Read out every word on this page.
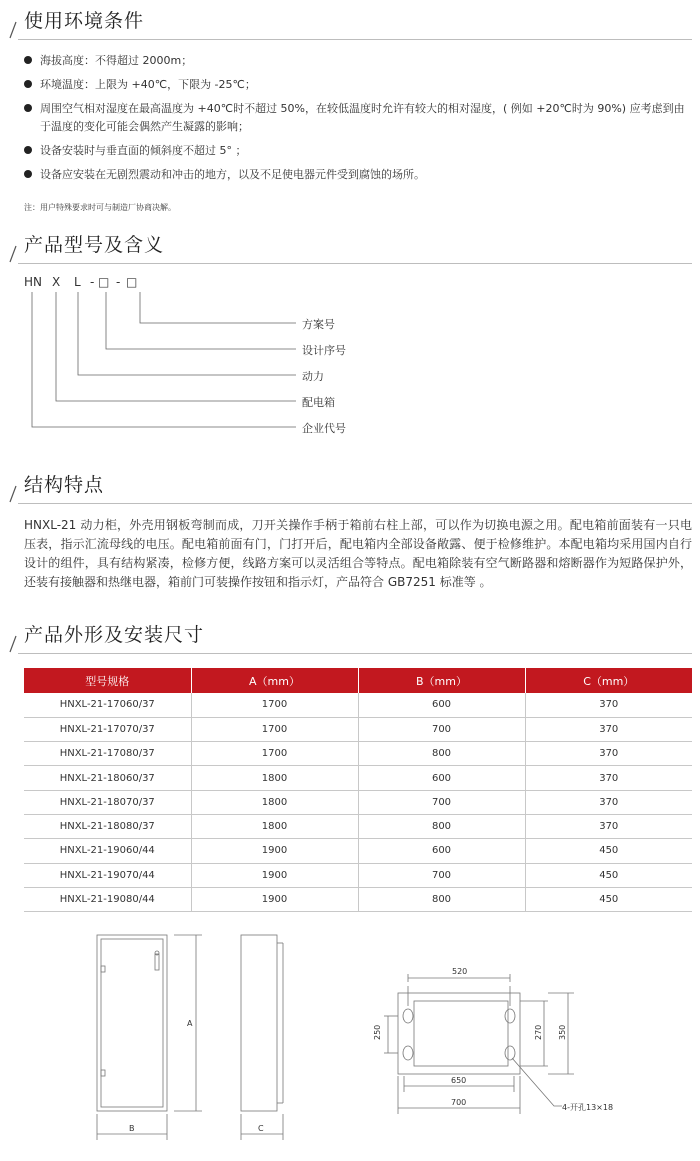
使用环境条件
海拔高度：不得超过 2000m；
环境温度：上限为 +40℃，下限为 -25℃；
周围空气相对湿度在最高温度为 +40℃时不超过 50%，在较低温度时允许有较大的相对湿度，( 例如 +20℃时为 90%) 应考虑到由于温度的变化可能会偶然产生凝露的影响；
设备安装时与垂直面的倾斜度不超过 5° ；
设备应安装在无剧烈震动和冲击的地方，以及不足使电器元件受到腐蚀的场所。
注：用户特殊要求时可与制造厂协商决解。
产品型号及含义
HN X L - □ - □
方案号
设计序号
动力
配电箱
企业代号
结构特点
HNXL-21 动力柜，外壳用钢板弯制而成，刀开关操作手柄于箱前右柱上部，可以作为切换电源之用。配电箱前面装有一只电压表，指示汇流母线的电压。配电箱前面有门，门打开后，配电箱内全部设备敞露、便于检修维护。本配电箱均采用国内自行设计的组件，具有结构紧凑，检修方便，线路方案可以灵活组合等特点。配电箱除装有空气断路器和熔断器作为短路保护外，还装有接触器和热继电器，箱前门可装操作按钮和指示灯，产品符合 GB7251 标准等 。
产品外形及安装尺寸
型号规格	A（mm）	B（mm）	C（mm）
HNXL-21-17060/37	1700	600	370
HNXL-21-17070/37	1700	700	370
HNXL-21-17080/37	1700	800	370
HNXL-21-18060/37	1800	600	370
HNXL-21-18070/37	1800	700	370
HNXL-21-18080/37	1800	800	370
HNXL-21-19060/44	1900	600	450
HNXL-21-19070/44	1900	700	450
HNXL-21-19080/44	1900	800	450
A
B	C
520
250	270 350
650
700
4-开孔13×18
